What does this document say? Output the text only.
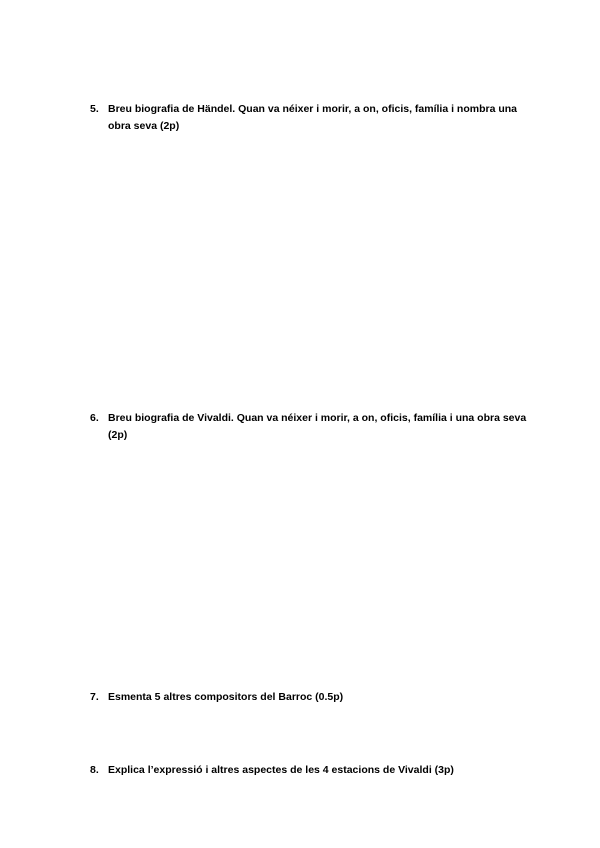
5. Breu biografia de Händel. Quan va néixer i morir, a on, oficis, família i nombra una obra seva (2p)
6. Breu biografia de Vivaldi. Quan va néixer i morir, a on, oficis, família i una obra seva (2p)
7. Esmenta 5 altres compositors del Barroc (0.5p)
8. Explica l’expressió i altres aspectes de les 4 estacions de Vivaldi (3p)
